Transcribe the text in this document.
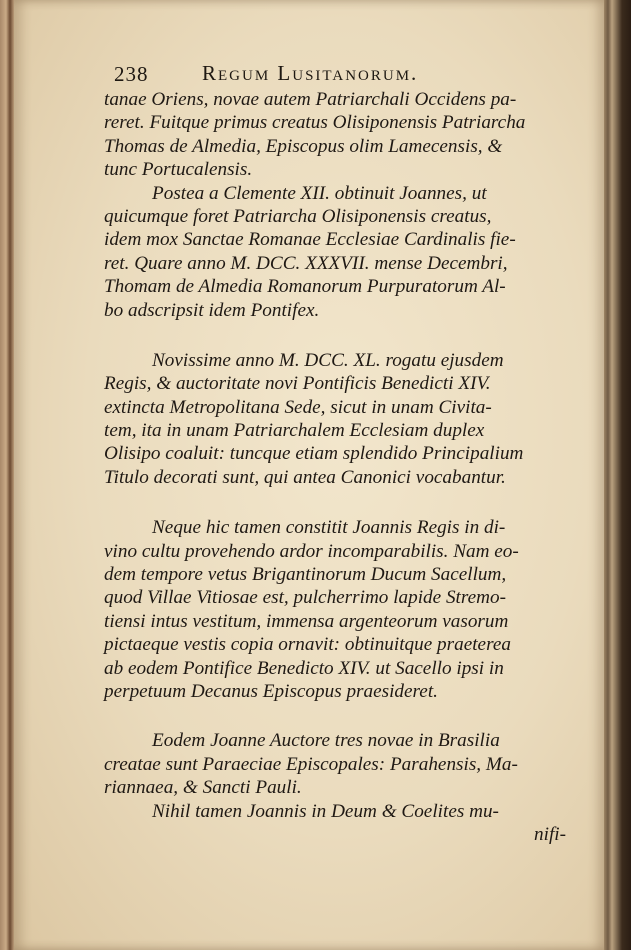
238	Regum Lusitanorum.
tanae Oriens, novae autem Patriarchali Occidens pa-
reret. Fuitque primus creatus Olisiponensis Patriarcha
Thomas de Almedia, Episcopus olim Lamecensis, &
tunc Portucalensis.
Postea a Clemente XII. obtinuit Joannes, ut
quicumque foret Patriarcha Olisiponensis creatus,
idem mox Sanctae Romanae Ecclesiae Cardinalis fie-
ret. Quare anno M. DCC. XXXVII. mense Decembri,
Thomam de Almedia Romanorum Purpuratorum Al-
bo adscripsit idem Pontifex.
Novissime anno M. DCC. XL. rogatu ejusdem
Regis, & auctoritate novi Pontificis Benedicti XIV.
extincta Metropolitana Sede, sicut in unam Civita-
tem, ita in unam Patriarchalem Ecclesiam duplex
Olisipo coaluit: tuncque etiam splendido Principalium
Titulo decorati sunt, qui antea Canonici vocabantur.
Neque hic tamen constitit Joannis Regis in di-
vino cultu provehendo ardor incomparabilis. Nam eo-
dem tempore vetus Brigantinorum Ducum Sacellum,
quod Villae Vitiosae est, pulcherrimo lapide Stremo-
tiensi intus vestitum, immensa argenteorum vasorum
pictaeque vestis copia ornavit: obtinuitque praeterea
ab eodem Pontifice Benedicto XIV. ut Sacello ipsi in
perpetuum Decanus Episcopus praesideret.
Eodem Joanne Auctore tres novae in Brasilia
creatae sunt Paraeciae Episcopales: Parahensis, Ma-
riannaea, & Sancti Pauli.
Nihil tamen Joannis in Deum & Coelites mu-
nifi-
